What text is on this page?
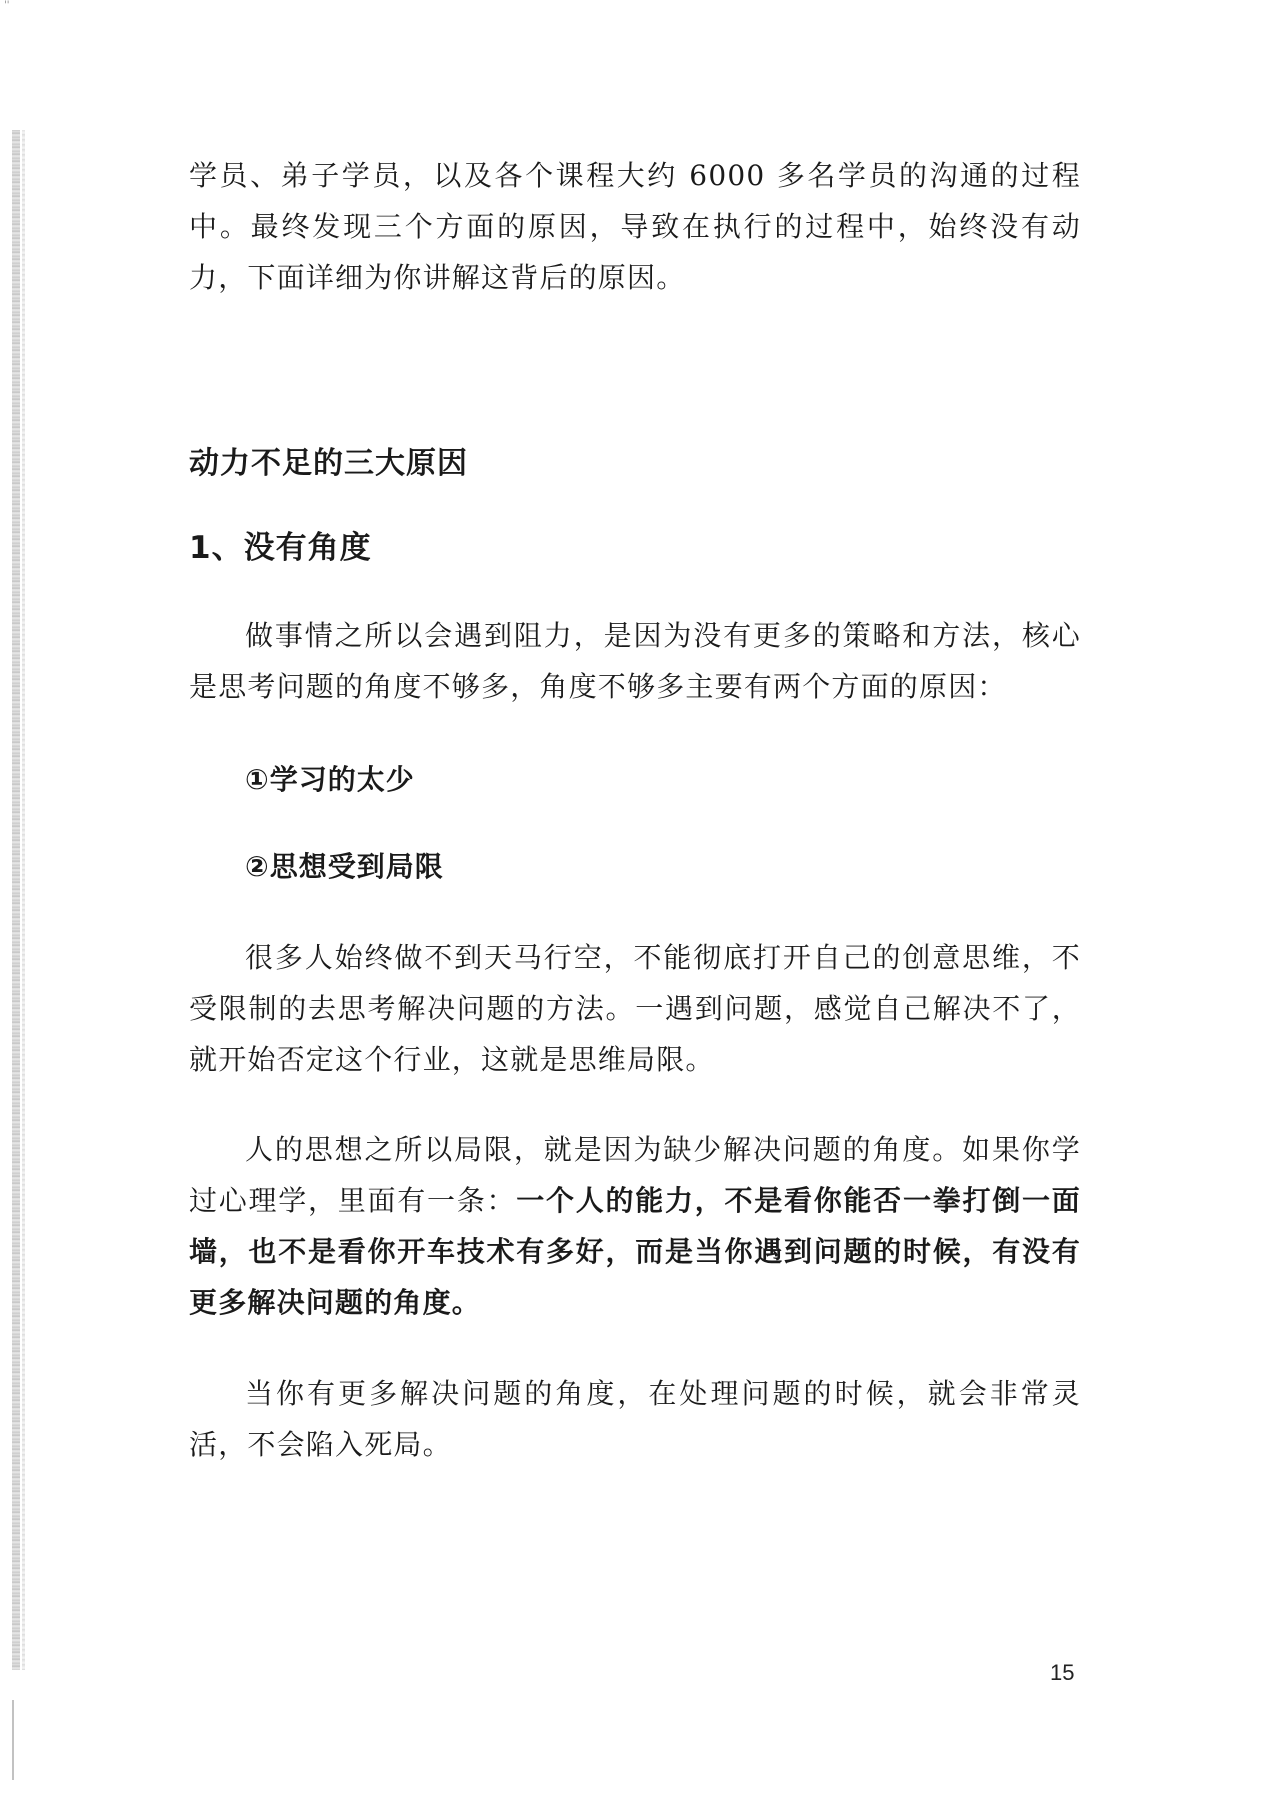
''

学员、弟子学员，以及各个课程大约 6000 多名学员的沟通的过程中。最终发现三个方面的原因，导致在执行的过程中，始终没有动力，下面详细为你讲解这背后的原因。

动力不足的三大原因
1、没有角度

做事情之所以会遇到阻力，是因为没有更多的策略和方法，核心是思考问题的角度不够多，角度不够多主要有两个方面的原因：

①学习的太少

②思想受到局限

很多人始终做不到天马行空，不能彻底打开自己的创意思维，不受限制的去思考解决问题的方法。一遇到问题，感觉自己解决不了，就开始否定这个行业，这就是思维局限。

人的思想之所以局限，就是因为缺少解决问题的角度。如果你学过心理学，里面有一条：一个人的能力，不是看你能否一拳打倒一面墙，也不是看你开车技术有多好，而是当你遇到问题的时候，有没有更多解决问题的角度。

当你有更多解决问题的角度，在处理问题的时候，就会非常灵活，不会陷入死局。

15
